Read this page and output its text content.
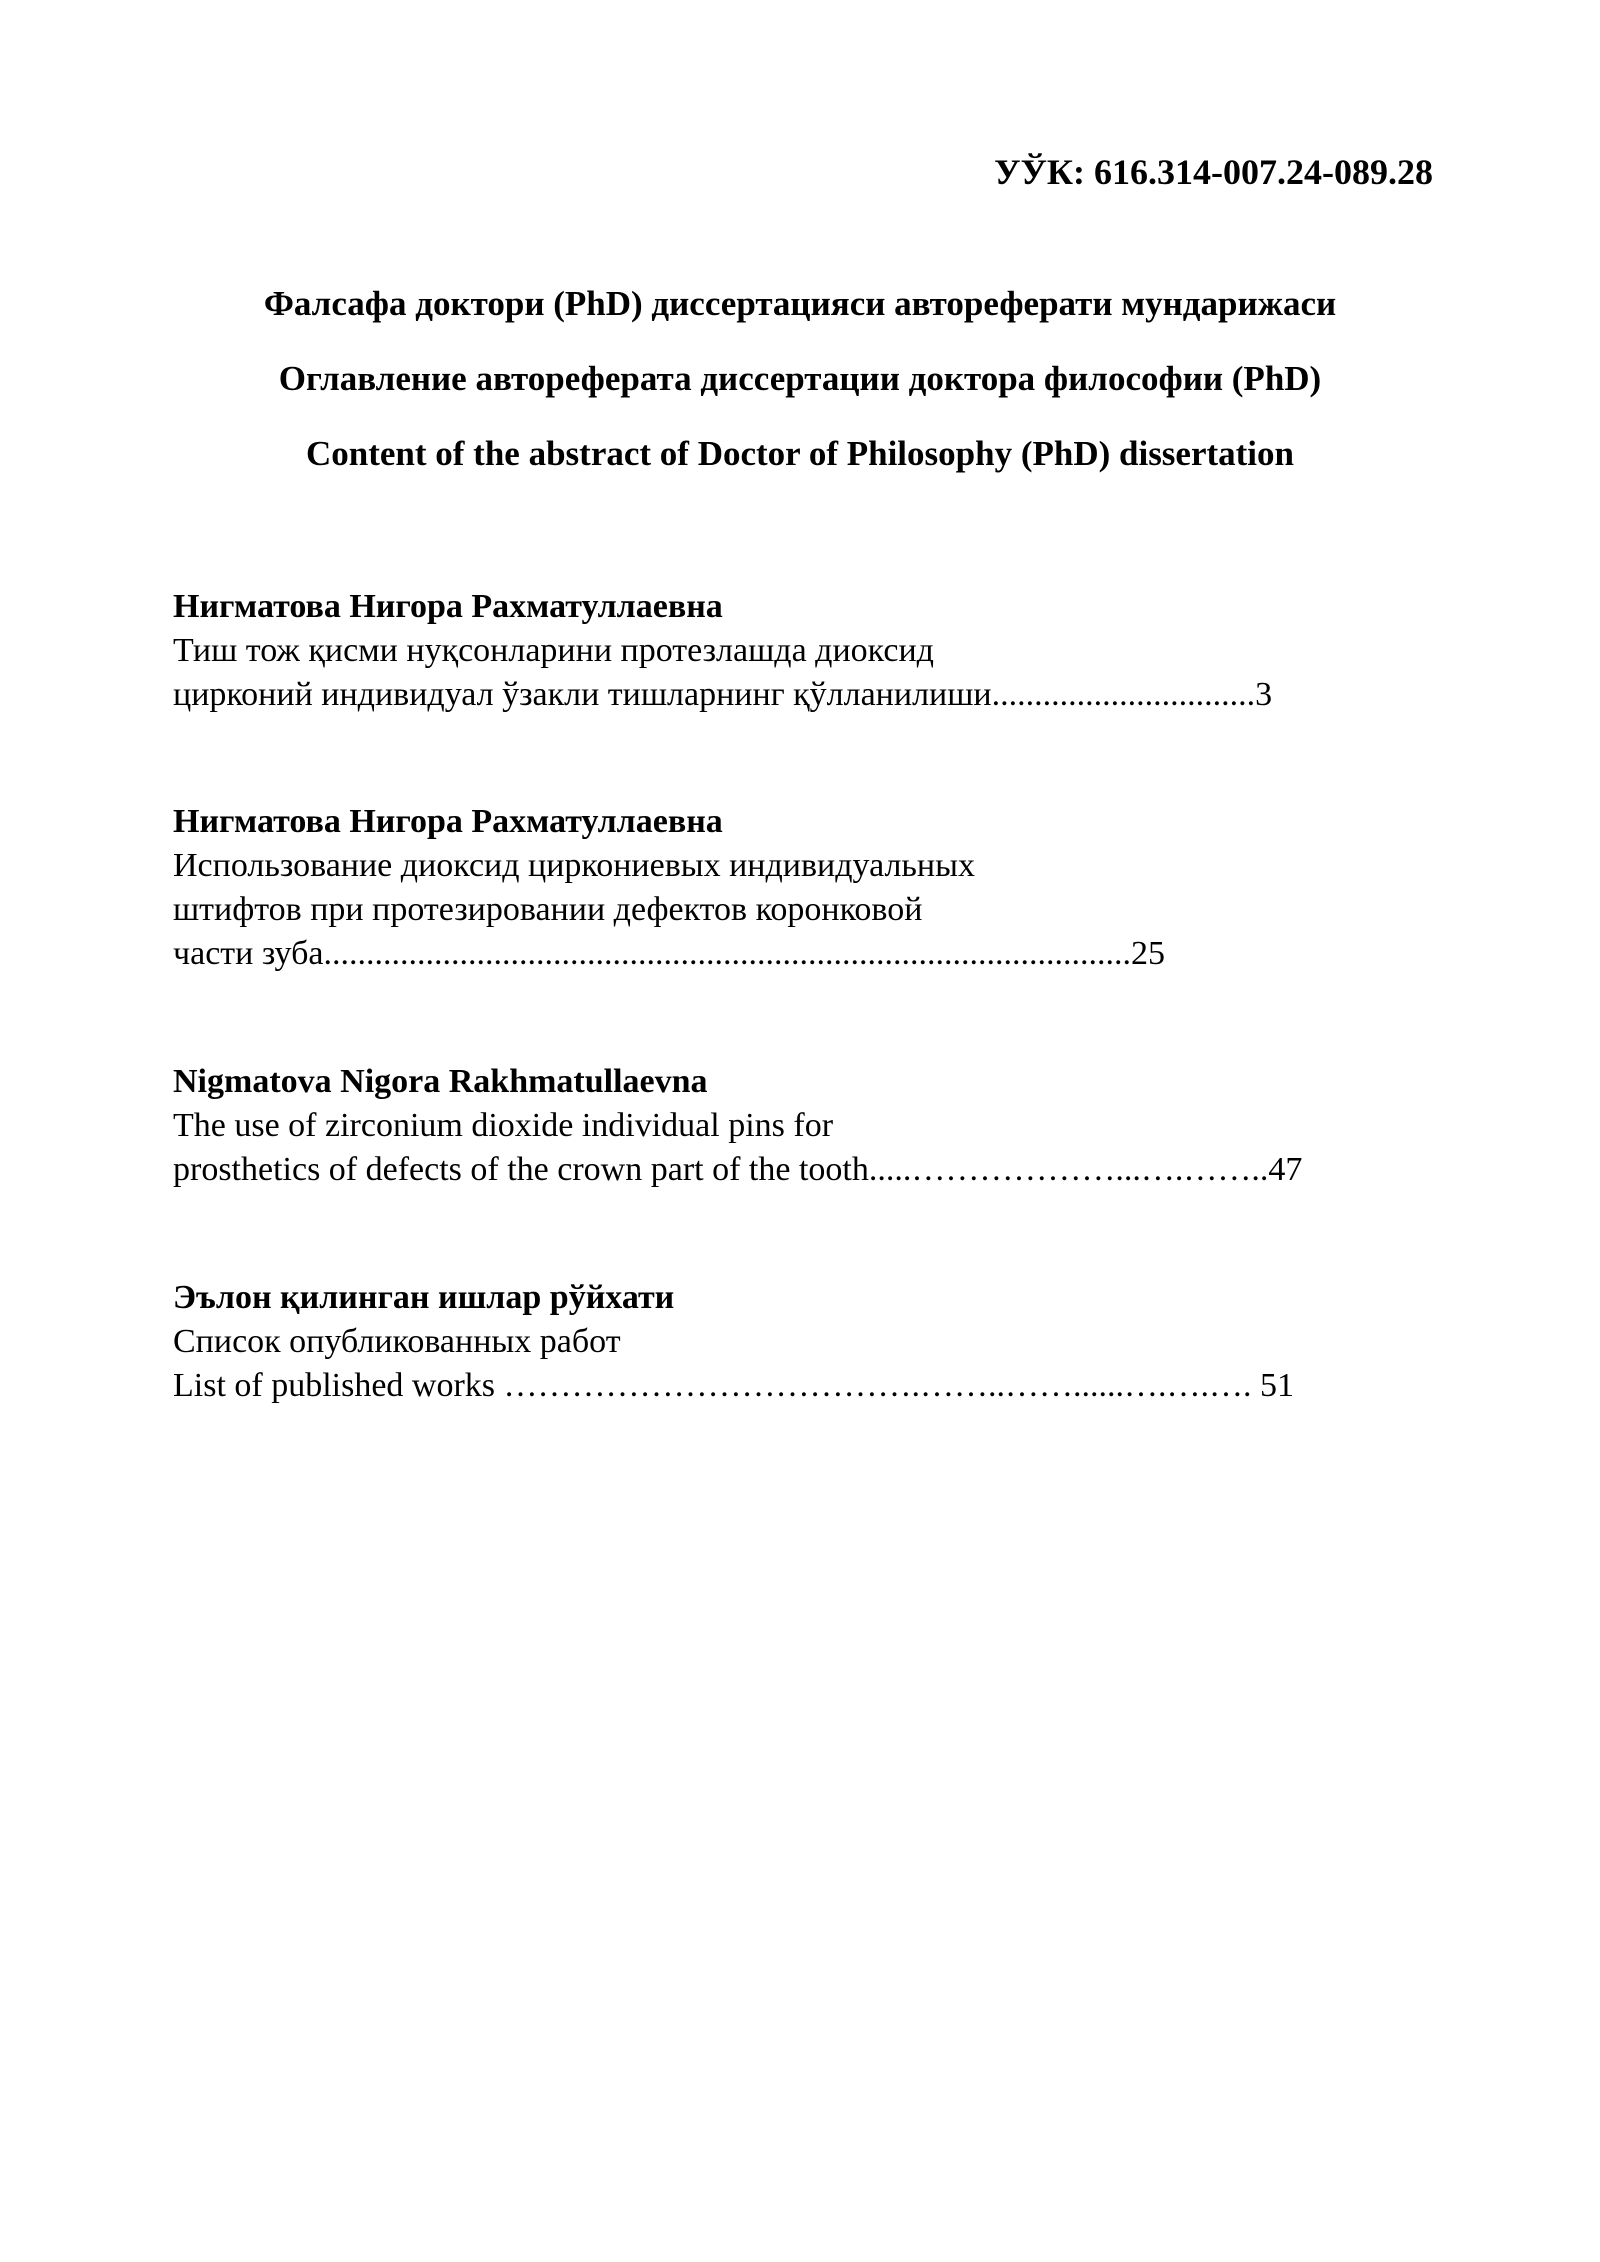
УЎК: 616.314-007.24-089.28
Фалсафа доктори (PhD) диссертацияси автореферати мундарижаси
Оглавление автореферата диссертации доктора философии (PhD)
Content of the abstract of Doctor of Philosophy (PhD) dissertation
Нигматова Нигора Рахматуллаевна
Тиш тож қисми нуқсонларини протезлашда диоксид
цирконий индивидуал ўзакли тишларнинг қўлланилиши...............................3
Нигматова Нигора Рахматуллаевна
Использование диоксид циркониевых индивидуальных
штифтов при протезировании дефектов коронковой
части зуба...............................................................................................25
Nigmatova Nigora Rakhmatullaevna
The use of zirconium dioxide individual pins for
prosthetics of defects of the crown part of the tooth.....………………...….……..47
Эълон қилинган ишлар рўйхати
Список опубликованных работ
List of published works ……………………………….……..……......….….…. 51
